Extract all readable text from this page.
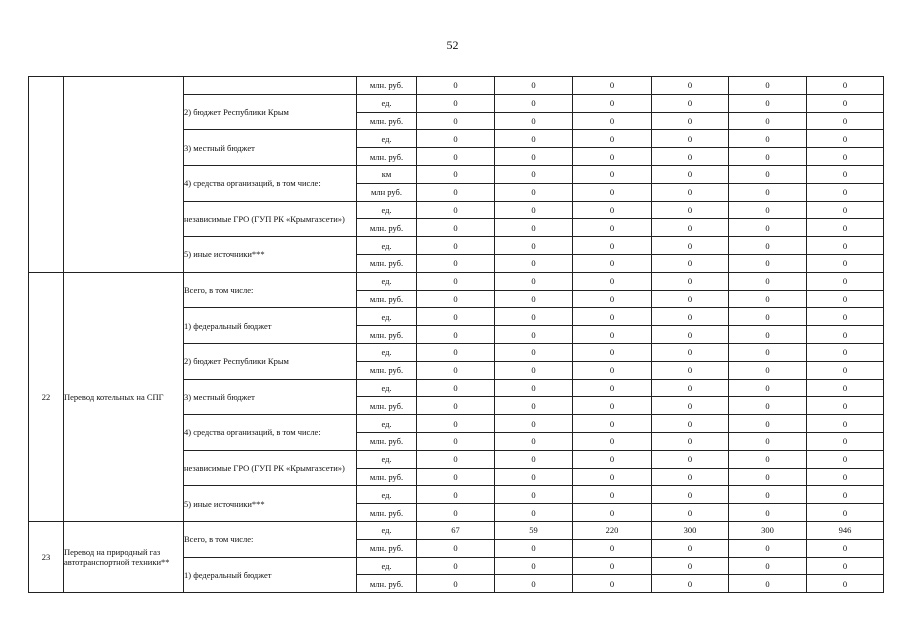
52
			млн. руб.	0	0	0	0	0	0
		2) бюджет Республики Крым	ед.	0	0	0	0	0	0
			млн. руб.	0	0	0	0	0	0
		3) местный бюджет	ед.	0	0	0	0	0	0
			млн. руб.	0	0	0	0	0	0
		4) средства организаций, в том числе:	км	0	0	0	0	0	0
			млн руб.	0	0	0	0	0	0
		независимые ГРО (ГУП РК «Крымгазсети»)	ед.	0	0	0	0	0	0
			млн. руб.	0	0	0	0	0	0
		5) иные источники***	ед.	0	0	0	0	0	0
			млн. руб.	0	0	0	0	0	0
22	Перевод котельных на СПГ	Всего, в том числе:	ед.	0	0	0	0	0	0
			млн. руб.	0	0	0	0	0	0
		1) федеральный бюджет	ед.	0	0	0	0	0	0
			млн. руб.	0	0	0	0	0	0
		2) бюджет Республики Крым	ед.	0	0	0	0	0	0
			млн. руб.	0	0	0	0	0	0
		3) местный бюджет	ед.	0	0	0	0	0	0
			млн. руб.	0	0	0	0	0	0
		4) средства организаций, в том числе:	ед.	0	0	0	0	0	0
			млн. руб.	0	0	0	0	0	0
		независимые ГРО (ГУП РК «Крымгазсети»)	ед.	0	0	0	0	0	0
			млн. руб.	0	0	0	0	0	0
		5) иные источники***	ед.	0	0	0	0	0	0
			млн. руб.	0	0	0	0	0	0
23	Перевод на природный газ автотранспортной техники**	Всего, в том числе:	ед.	67	59	220	300	300	946
			млн. руб.	0	0	0	0	0	0
		1) федеральный бюджет	ед.	0	0	0	0	0	0
			млн. руб.	0	0	0	0	0	0
